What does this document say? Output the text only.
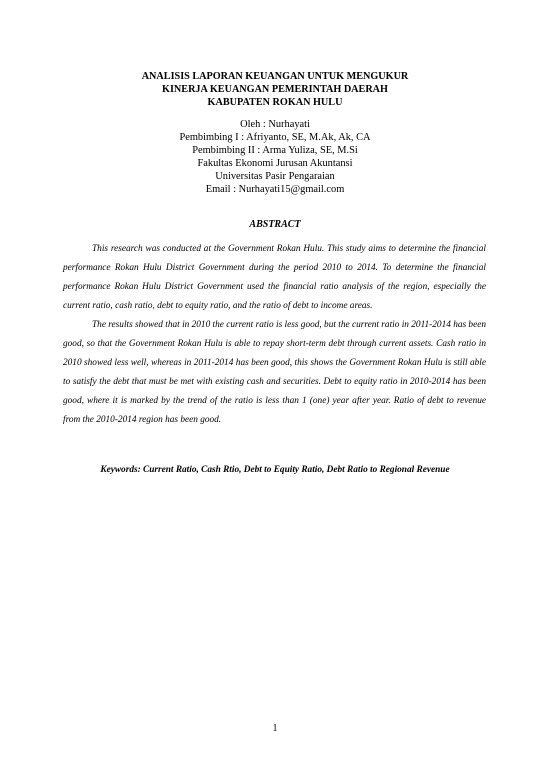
ANALISIS LAPORAN KEUANGAN UNTUK MENGUKUR
KINERJA KEUANGAN PEMERINTAH DAERAH
KABUPATEN ROKAN HULU
Oleh : Nurhayati
Pembimbing I : Afriyanto, SE, M.Ak, Ak, CA
Pembimbing II : Arma Yuliza, SE, M.Si
Fakultas Ekonomi Jurusan Akuntansi
Universitas Pasir Pengaraian
Email : Nurhayati15@gmail.com
ABSTRACT

This research was conducted at the Government Rokan Hulu. This study aims to determine the financial performance Rokan Hulu District Government during the period 2010 to 2014. To determine the financial performance Rokan Hulu District Government used the financial ratio analysis of the region, especially the current ratio, cash ratio, debt to equity ratio, and the ratio of debt to income areas.

The results showed that in 2010 the current ratio is less good, but the current ratio in 2011-2014 has been good, so that the Government Rokan Hulu is able to repay short-term debt through current assets. Cash ratio in 2010 showed less well, whereas in 2011-2014 has been good, this shows the Government Rokan Hulu is still able to satisfy the debt that must be met with existing cash and securities. Debt to equity ratio in 2010-2014 has been good, where it is marked by the trend of the ratio is less than 1 (one) year after year. Ratio of debt to revenue from the 2010-2014 region has been good.

Keywords: Current Ratio, Cash Rtio, Debt to Equity Ratio, Debt Ratio to Regional Revenue
1
